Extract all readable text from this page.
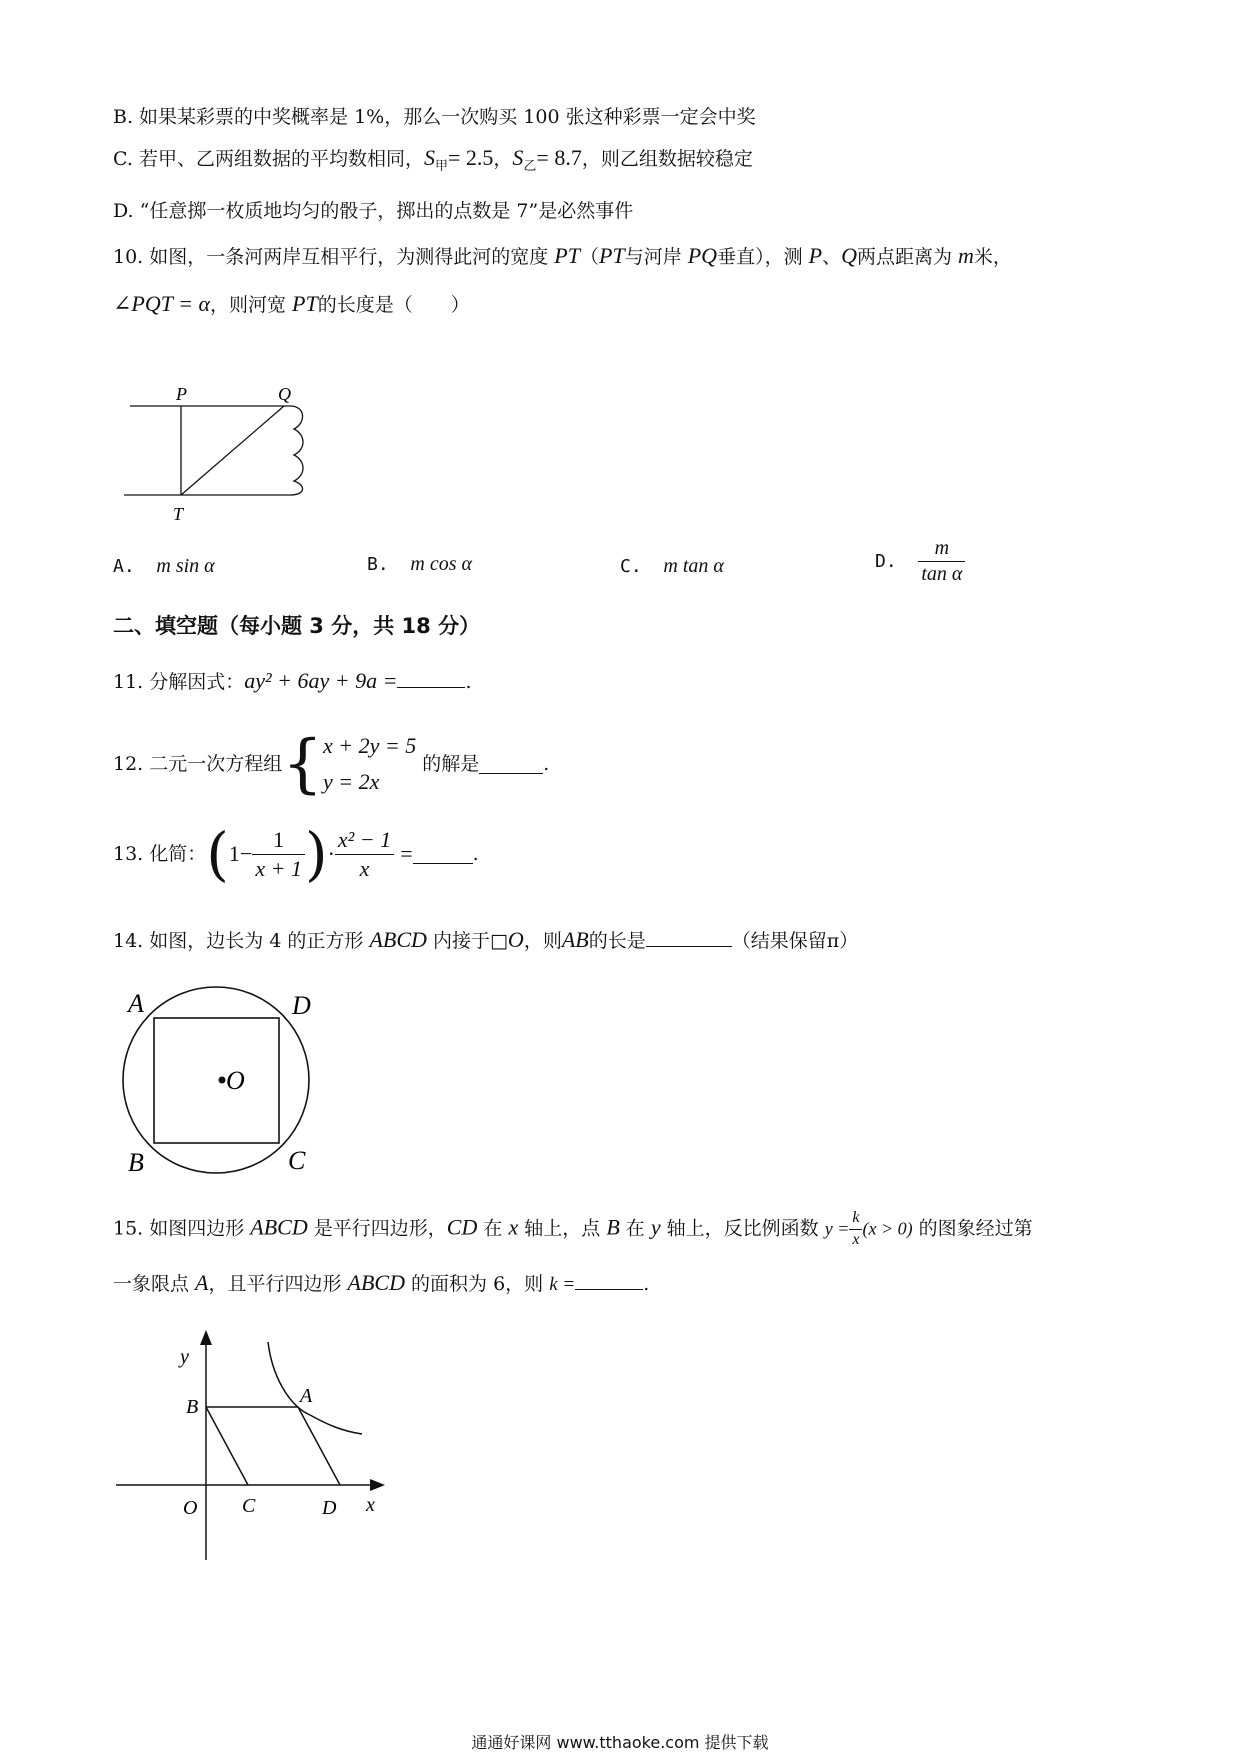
B. 如果某彩票的中奖概率是 1%，那么一次购买 100 张这种彩票一定会中奖
C. 若甲、乙两组数据的平均数相同，$S_甲= 2.5$，$S_乙= 8.7$，则乙组数据较稳定
D. “任意掷一枚质地均匀的骰子，掷出的点数是 7”是必然事件
10. 如图，一条河两岸互相平行，为测得此河的宽度 PT（PT与河岸 PQ垂直），测 P、Q两点距离为 m米，
∠PQT = α，则河宽 PT的长度是（　　）
P	Q
T
A. m sin α	B. m cos α	C. m tan α	D. $\frac{m}{\text{tan α}}$
二、填空题（每小题 3 分，共 18 分）
11. 分解因式：ay² + 6ay + 9a =	.
12. 二元一次方程组{ x + 2y = 5
y = 2x
的解是	.
13. 化简：($1- \frac{1}{x + 1}$ )· $\frac{\text{x² − 1}}{x}$ =	.
14. 如图，边长为 4 的正方形 ABCD 内接于□O，则AB的长是	（结果保留π）
A	D
O
B	C
15. 如图四边形 ABCD 是平行四边形，CD 在 x 轴上，点 B 在 y 轴上，反比例函数 $y = \frac{k}{x} (x > 0)$ 的图象经过第
一象限点 A，且平行四边形 ABCD 的面积为 6，则 k =	.
y
B	A
O C	D x
通通好课网 www.tthaoke.com 提供下载
